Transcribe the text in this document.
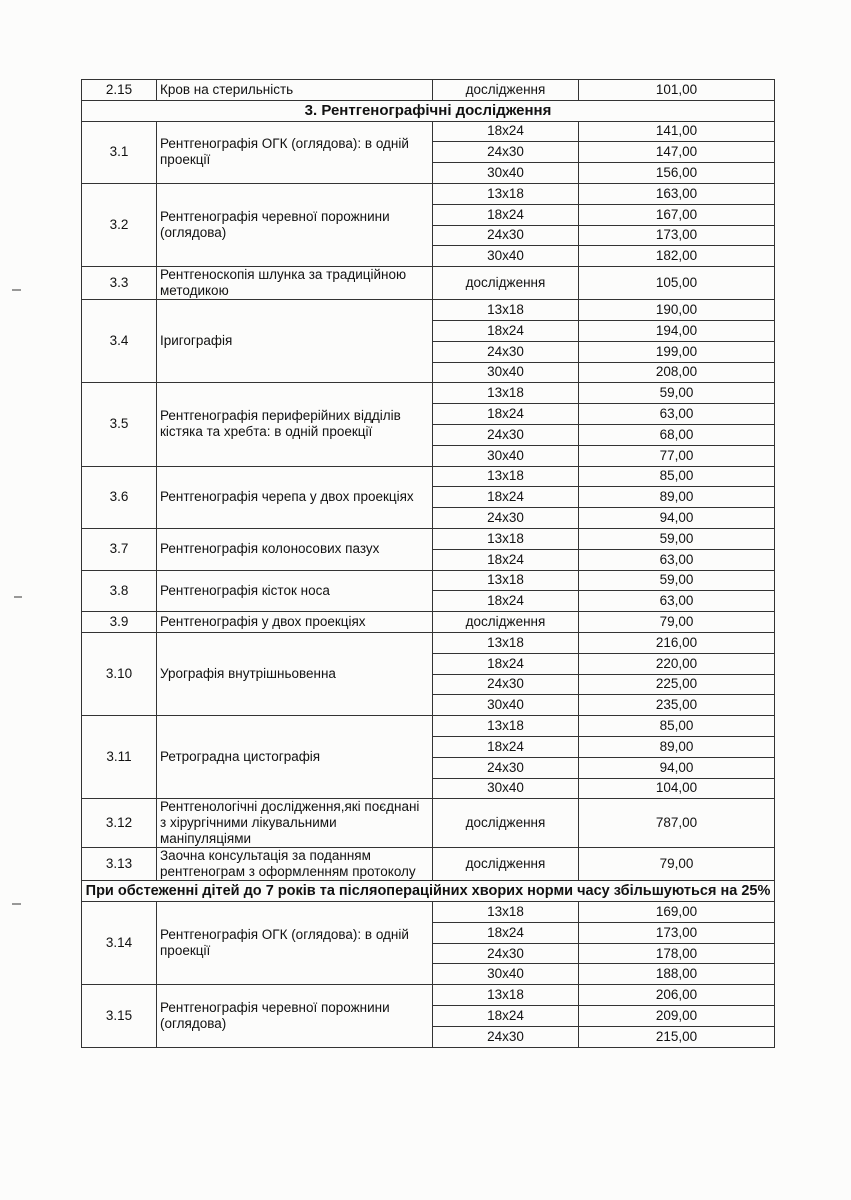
2.15	Кров на стерильність	дослідження	101,00
3. Рентгенографічні дослідження			
3.1	Рентгенографія ОГК (оглядова): в одній проекції	18х24	141,00
		24х30	147,00
		30х40	156,00
3.2	Рентгенографія черевної порожнини (оглядова)	13х18	163,00
		18х24	167,00
		24х30	173,00
		30х40	182,00
3.3	Рентгеноскопія шлунка за традиційною методикою	дослідження	105,00
3.4	Іригографія	13х18	190,00
		18х24	194,00
		24х30	199,00
		30х40	208,00
3.5	Рентгенографія периферійних відділів кістяка та хребта: в одній проекції	13х18	59,00
		18х24	63,00
		24х30	68,00
		30х40	77,00
3.6	Рентгенографія черепа у двох проекціях	13х18	85,00
		18х24	89,00
		24х30	94,00
3.7	Рентгенографія колоносових пазух	13х18	59,00
		18х24	63,00
3.8	Рентгенографія кісток носа	13х18	59,00
		18х24	63,00
3.9	Рентгенографія у двох проекціях	дослідження	79,00
3.10	Урографія внутрішньовенна	13х18	216,00
		18х24	220,00
		24х30	225,00
		30х40	235,00
3.11	Ретроградна цистографія	13х18	85,00
		18х24	89,00
		24х30	94,00
		30х40	104,00
3.12	Рентгенологічні дослідження,які поєднані з хірургічними лікувальними маніпуляціями	дослідження	787,00
3.13	Заочна консультація за поданням рентгенограм з оформленням протоколу	дослідження	79,00
При обстеженні дітей до 7 років та післяопераційних хворих норми часу збільшуються на 25%			
3.14	Рентгенографія ОГК (оглядова): в одній проекції	13х18	169,00
		18х24	173,00
		24х30	178,00
		30х40	188,00
3.15	Рентгенографія черевної порожнини (оглядова)	13х18	206,00
		18х24	209,00
		24х30	215,00
